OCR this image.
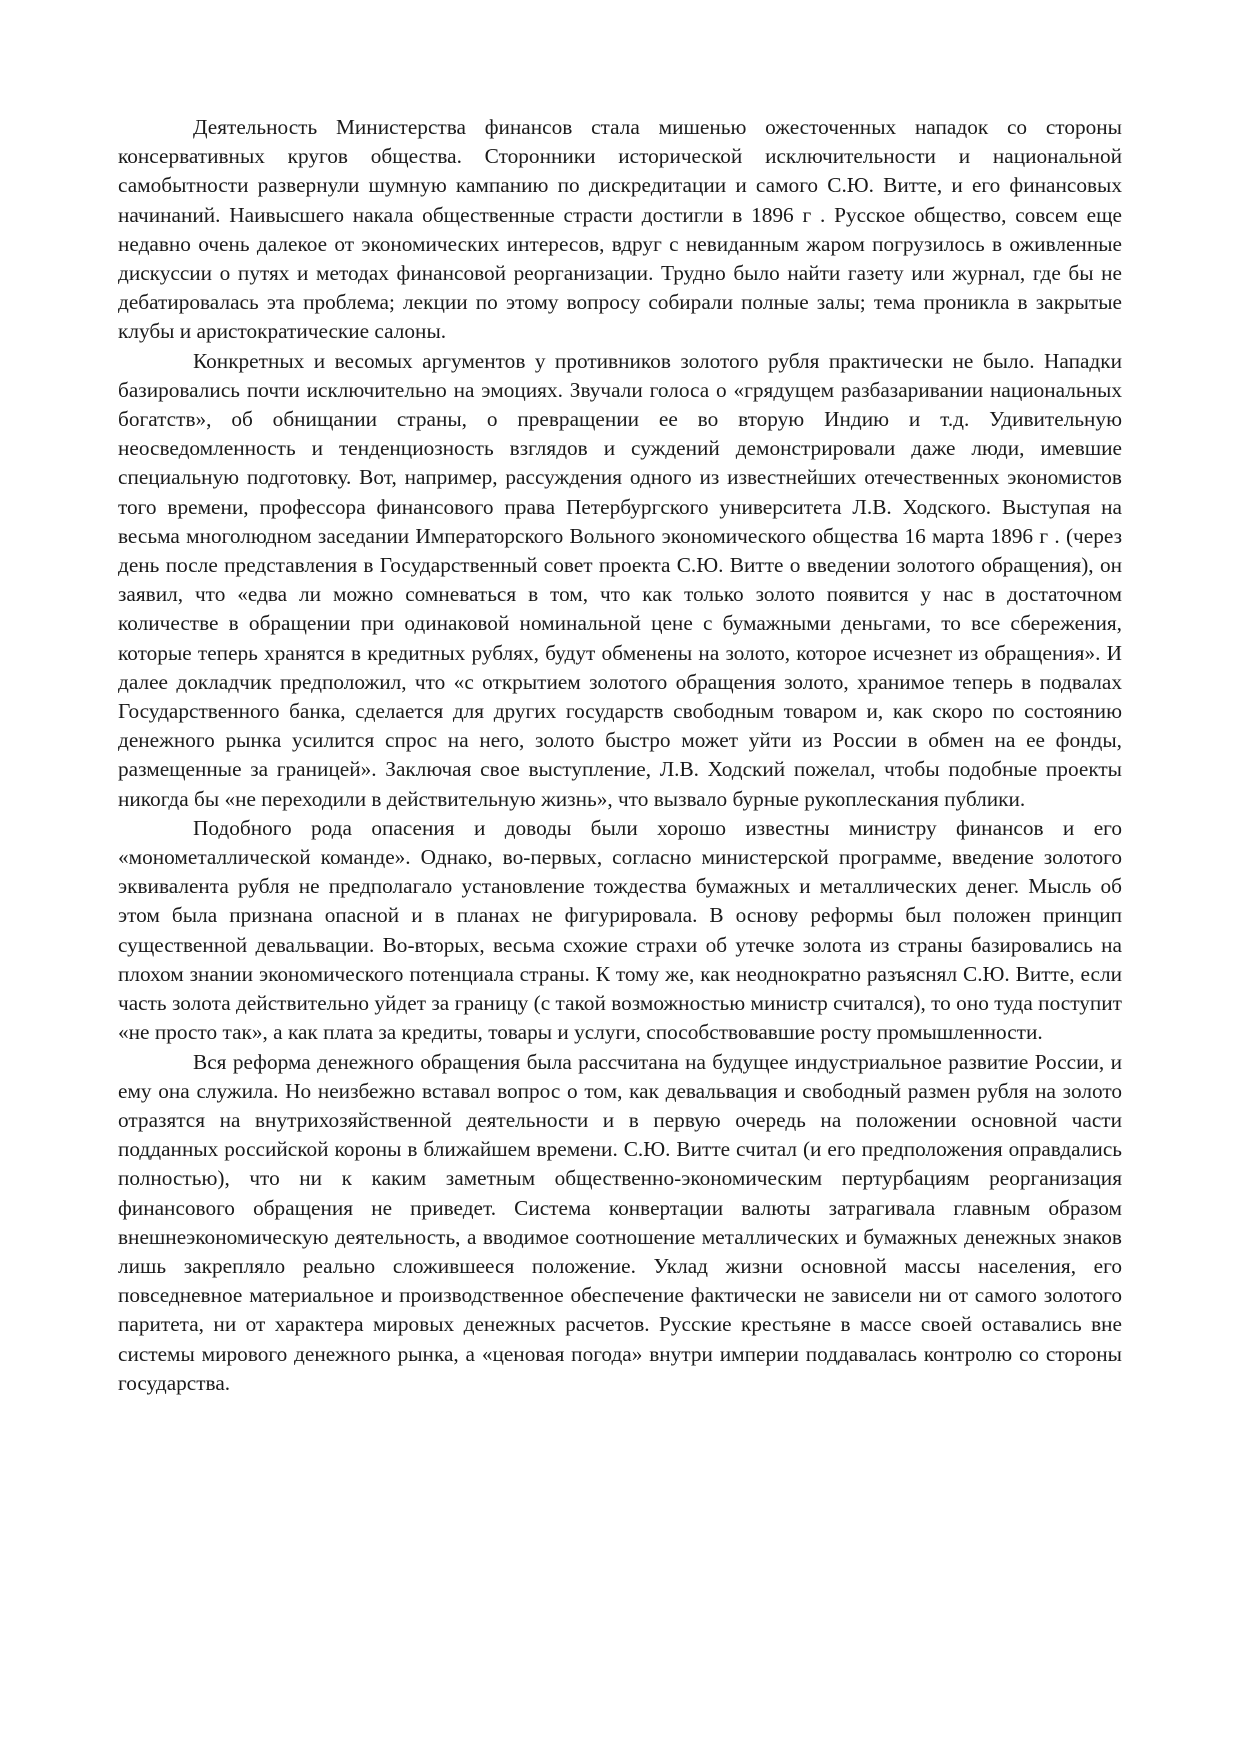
Деятельность Министерства финансов стала мишенью ожесточенных нападок со стороны консервативных кругов общества. Сторонники исторической исключительности и национальной самобытности развернули шумную кампанию по дискредитации и самого С.Ю. Витте, и его финансовых начинаний. Наивысшего накала общественные страсти достигли в 1896 г . Русское общество, совсем еще недавно очень далекое от экономических интересов, вдруг с невиданным жаром погрузилось в оживленные дискуссии о путях и методах финансовой реорганизации. Трудно было найти газету или журнал, где бы не дебатировалась эта проблема; лекции по этому вопросу собирали полные залы; тема проникла в закрытые клубы и аристократические салоны.

Конкретных и весомых аргументов у противников золотого рубля практически не было. Нападки базировались почти исключительно на эмоциях. Звучали голоса о «грядущем разбазаривании национальных богатств», об обнищании страны, о превращении ее во вторую Индию и т.д. Удивительную неосведомленность и тенденциозность взглядов и суждений демонстрировали даже люди, имевшие специальную подготовку. Вот, например, рассуждения одного из известнейших отечественных экономистов того времени, профессора финансового права Петербургского университета Л.В. Ходского. Выступая на весьма многолюдном заседании Императорского Вольного экономического общества 16 марта 1896 г . (через день после представления в Государственный совет проекта С.Ю. Витте о введении золотого обращения), он заявил, что «едва ли можно сомневаться в том, что как только золото появится у нас в достаточном количестве в обращении при одинаковой номинальной цене с бумажными деньгами, то все сбережения, которые теперь хранятся в кредитных рублях, будут обменены на золото, которое исчезнет из обращения». И далее докладчик предположил, что «с открытием золотого обращения золото, хранимое теперь в подвалах Государственного банка, сделается для других государств свободным товаром и, как скоро по состоянию денежного рынка усилится спрос на него, золото быстро может уйти из России в обмен на ее фонды, размещенные за границей». Заключая свое выступление, Л.В. Ходский пожелал, чтобы подобные проекты никогда бы «не переходили в действительную жизнь», что вызвало бурные рукоплескания публики.

Подобного рода опасения и доводы были хорошо известны министру финансов и его «монометаллической команде». Однако, во-первых, согласно министерской программе, введение золотого эквивалента рубля не предполагало установление тождества бумажных и металлических денег. Мысль об этом была признана опасной и в планах не фигурировала. В основу реформы был положен принцип существенной девальвации. Во-вторых, весьма схожие страхи об утечке золота из страны базировались на плохом знании экономического потенциала страны. К тому же, как неоднократно разъяснял С.Ю. Витте, если часть золота действительно уйдет за границу (с такой возможностью министр считался), то оно туда поступит «не просто так», а как плата за кредиты, товары и услуги, способствовавшие росту промышленности.

Вся реформа денежного обращения была рассчитана на будущее индустриальное развитие России, и ему она служила. Но неизбежно вставал вопрос о том, как девальвация и свободный размен рубля на золото отразятся на внутрихозяйственной деятельности и в первую очередь на положении основной части подданных российской короны в ближайшем времени. С.Ю. Витте считал (и его предположения оправдались полностью), что ни к каким заметным общественно-экономическим пертурбациям реорганизация финансового обращения не приведет. Система конвертации валюты затрагивала главным образом внешнеэкономическую деятельность, а вводимое соотношение металлических и бумажных денежных знаков лишь закрепляло реально сложившееся положение. Уклад жизни основной массы населения, его повседневное материальное и производственное обеспечение фактически не зависели ни от самого золотого паритета, ни от характера мировых денежных расчетов. Русские крестьяне в массе своей оставались вне системы мирового денежного рынка, а «ценовая погода» внутри империи поддавалась контролю со стороны государства.
